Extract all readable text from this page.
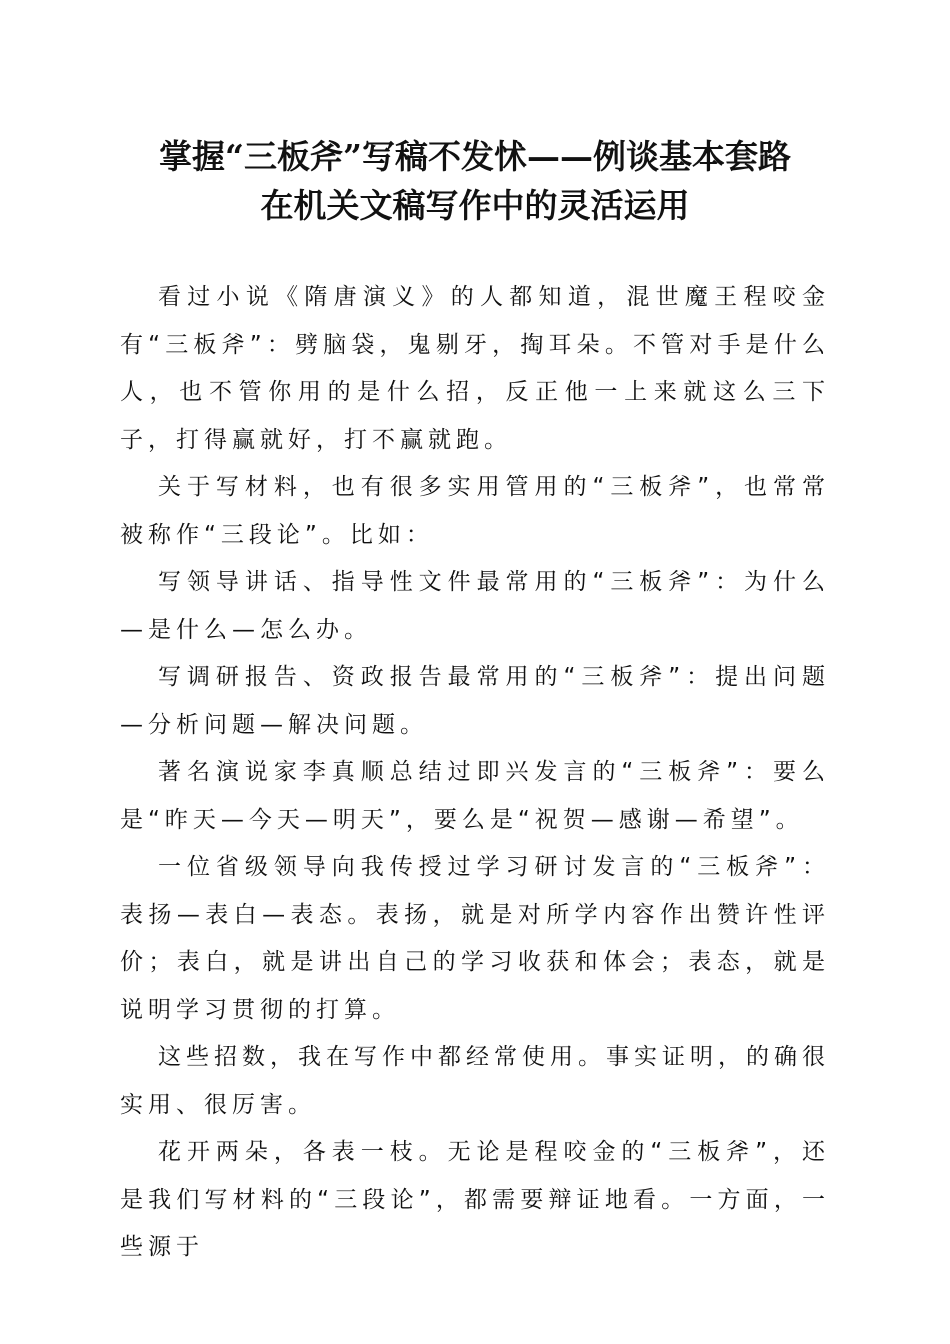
掌握“三板斧”写稿不发怵——例谈基本套路
在机关文稿写作中的灵活运用

看过小说《隋唐演义》的人都知道，混世魔王程咬金有“三板斧”：劈脑袋，鬼剔牙，掏耳朵。不管对手是什么人，也不管你用的是什么招，反正他一上来就这么三下子，打得赢就好，打不赢就跑。

关于写材料，也有很多实用管用的“三板斧”，也常常被称作“三段论”。比如：

写领导讲话、指导性文件最常用的“三板斧”：为什么—是什么—怎么办。

写调研报告、资政报告最常用的“三板斧”：提出问题—分析问题—解决问题。

著名演说家李真顺总结过即兴发言的“三板斧”：要么是“昨天—今天—明天”，要么是“祝贺—感谢—希望”。

一位省级领导向我传授过学习研讨发言的“三板斧”：表扬—表白—表态。表扬，就是对所学内容作出赞许性评价；表白，就是讲出自己的学习收获和体会；表态，就是说明学习贯彻的打算。

这些招数，我在写作中都经常使用。事实证明，的确很实用、很厉害。

花开两朵，各表一枝。无论是程咬金的“三板斧”，还是我们写材料的“三段论”，都需要辩证地看。一方面，一些源于
